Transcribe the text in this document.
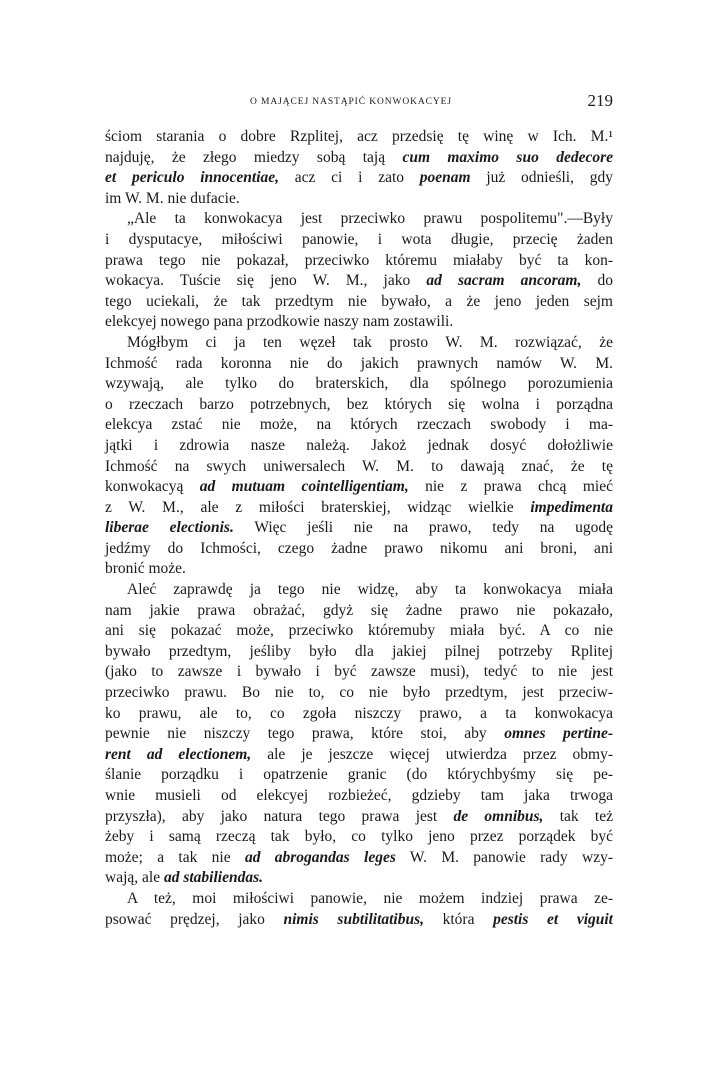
O MAJĄCEJ NASTĄPIĆ KONWOKACYEJ	219
ściom starania o dobre Rzplitej, acz przedsię tę winę w Ich. M.¹
najduję, że złego miedzy sobą tają cum maximo suo dedecore
et periculo innocentiae, acz ci i zato poenam już odnieśli, gdy
im W. M. nie dufacie.
„Ale ta konwokacya jest przeciwko prawu pospolitemu".—Były
i dysputacye, miłościwi panowie, i wota długie, przecię żaden
prawa tego nie pokazał, przeciwko któremu miałaby być ta kon-
wokacya. Tuście się jeno W. M., jako ad sacram ancoram, do
tego uciekali, że tak przedtym nie bywało, a że jeno jeden sejm
elekcyej nowego pana przodkowie naszy nam zostawili.
Mógłbym ci ja ten węzeł tak prosto W. M. rozwiązać, że
Ichmość rada koronna nie do jakich prawnych namów W. M.
wzywają, ale tylko do braterskich, dla spólnego porozumienia
o rzeczach barzo potrzebnych, bez których się wolna i porządna
elekcya zstać nie może, na których rzeczach swobody i ma-
jątki i zdrowia nasze należą. Jakoż jednak dosyć dołożliwie
Ichmość na swych uniwersalech W. M. to dawają znać, że tę
konwokacyą ad mutuam cointelligentiam, nie z prawa chcą mieć
z W. M., ale z miłości braterskiej, widząc wielkie impedimenta
liberae electionis. Więc jeśli nie na prawo, tedy na ugodę
jedźmy do Ichmości, czego żadne prawo nikomu ani broni, ani
bronić może.
Aleć zaprawdę ja tego nie widzę, aby ta konwokacya miała
nam jakie prawa obrażać, gdyż się żadne prawo nie pokazało,
ani się pokazać może, przeciwko któremuby miała być. A co nie
bywało przedtym, jeśliby było dla jakiej pilnej potrzeby Rplitej
(jako to zawsze i bywało i być zawsze musi), tedyć to nie jest
przeciwko prawu. Bo nie to, co nie było przedtym, jest przeciw-
ko prawu, ale to, co zgoła niszczy prawo, a ta konwokacya
pewnie nie niszczy tego prawa, które stoi, aby omnes pertine-
rent ad electionem, ale je jeszcze więcej utwierdza przez obmy-
ślanie porządku i opatrzenie granic (do którychbyśmy się pe-
wnie musieli od elekcyej rozbieżeć, gdzieby tam jaka trwoga
przyszła), aby jako natura tego prawa jest de omnibus, tak też
żeby i samą rzeczą tak było, co tylko jeno przez porządek być
może; a tak nie ad abrogandas leges W. M. panowie rady wzy-
wają, ale ad stabiliendas.
A też, moi miłościwi panowie, nie możem indziej prawa ze-
psować prędzej, jako nimis subtilitatibus, która pestis et viguit
